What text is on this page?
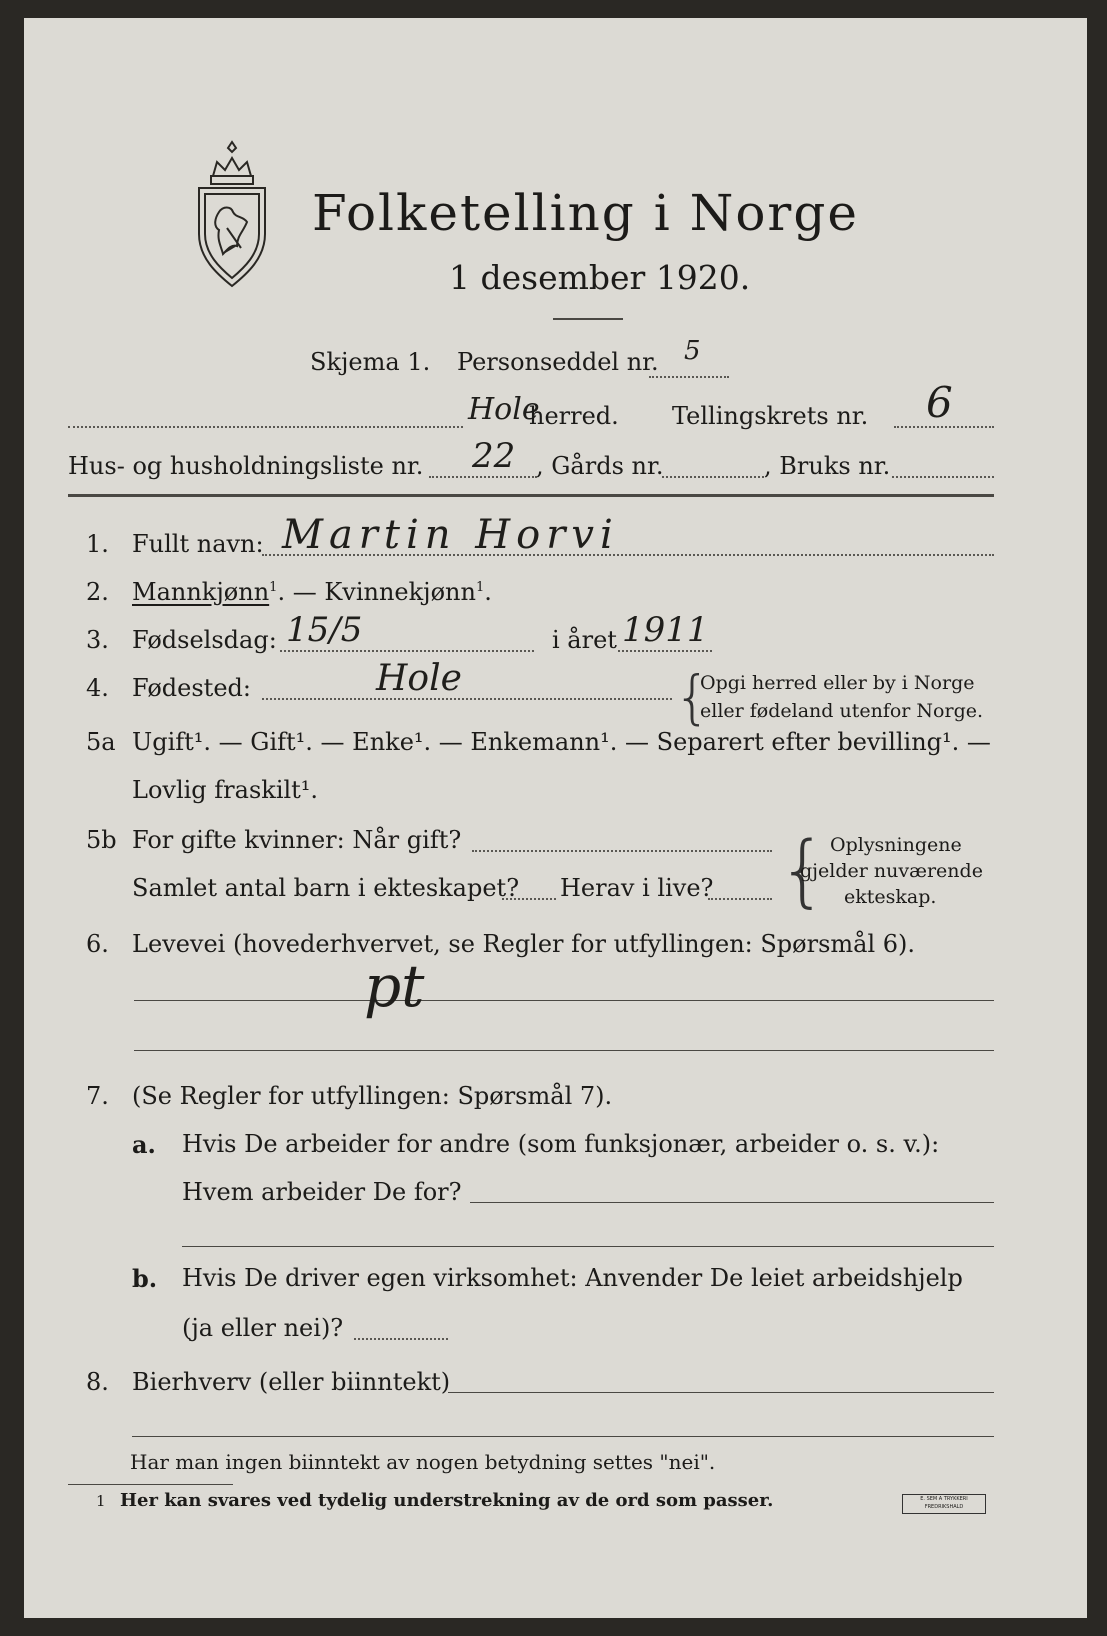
Folketelling i Norge
1 desember 1920.
Skjema 1. Personseddel nr. 5
Hole
herred. Tellingskrets nr. 6
Hus- og husholdningsliste nr. 22 , Gårds nr.	, Bruks nr.
1. Fullt navn: Martin Horvi
2. Mannkjønn$^1$. — Kvinnekjønn$^1$.
3. Fødselsdag: 15/5	i året 1911
4. Fødested:	Hole	{
Opgi herred eller by i Norge
eller fødeland utenfor Norge.
5a Ugift¹. — Gift¹. — Enke¹. — Enkemann¹. — Separert efter bevilling¹. —
Lovlig fraskilt¹.
5b For gifte kvinner: Når gift?
Samlet antal barn i ekteskapet? Herav i live? { Oplysningene
gjelder nuværende
ekteskap.
6. Levevei (hovederhvervet, se Regler for utfyllingen: Spørsmål 6).
pt
7. (Se Regler for utfyllingen: Spørsmål 7).
a. Hvis De arbeider for andre (som funksjonær, arbeider o. s. v.):
Hvem arbeider De for?
b. Hvis De driver egen virksomhet: Anvender De leiet arbeidshjelp
(ja eller nei)?
8. Bierhverv (eller biinntekt)
Har man ingen biinntekt av nogen betydning settes "nei".
1 Her kan svares ved tydelig understrekning av de ord som passer.	E. SEM A TRYKKERI FREDRIKSHALD
